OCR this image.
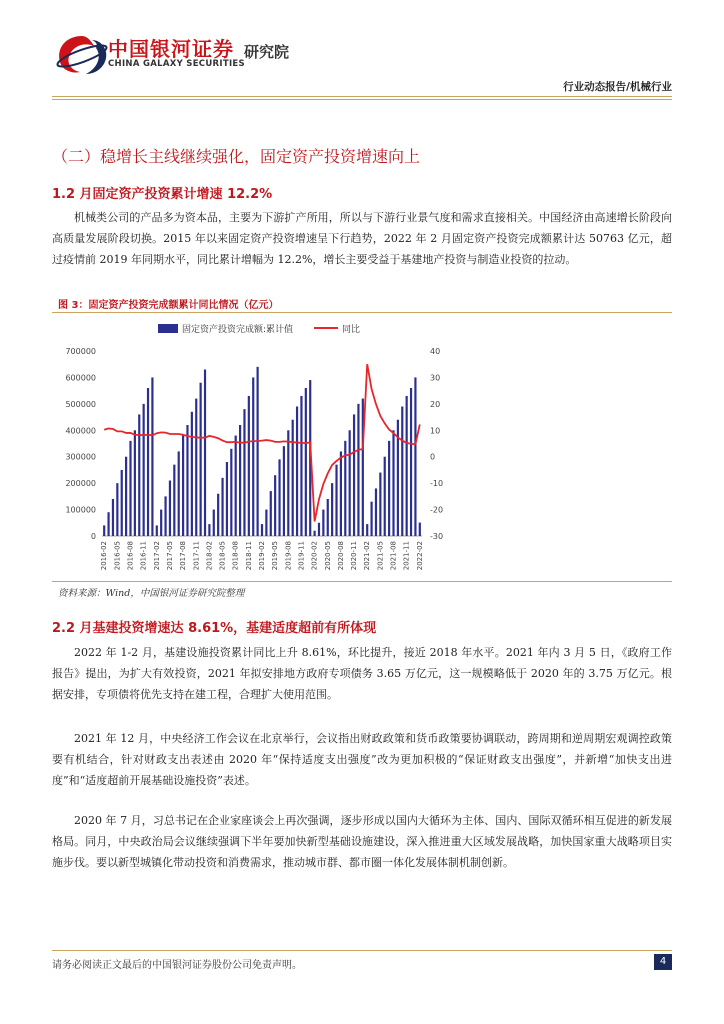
中国银河证券
CHINA GALAXY SECURITIES
研究院
行业动态报告/机械行业
（二）稳增长主线继续强化，固定资产投资增速向上
1.2 月固定资产投资累计增速 12.2%

机械类公司的产品多为资本品，主要为下游扩产所用，所以与下游行业景气度和需求直接相关。中国经济由高速增长阶段向高质量发展阶段切换。2015 年以来固定资产投资增速呈下行趋势，2022 年 2 月固定资产投资完成额累计达 50763 亿元，超过疫情前 2019 年同期水平，同比累计增幅为 12.2%，增长主要受益于基建地产投资与制造业投资的拉动。

图 3：固定资产投资完成额累计同比情况（亿元）
固定资产投资完成额:累计值	同比
0
100000
200000
300000
400000
500000
600000
700000
-30
-20
-10
0
10
20
30
40
2016-02 2016-05 2016-08 2016-11 2017-02 2017-05 2017-08 2017-11 2018-02 2018-05 2018-08 2018-11 2019-02 2019-05 2019-08 2019-11 2020-02 2020-05 2020-08 2020-11 2021-02 2021-05 2021-08 2021-11 2022-02
资料来源：Wind，中国银河证券研究院整理
2.2 月基建投资增速达 8.61%，基建适度超前有所体现

2022 年 1-2 月，基建设施投资累计同比上升 8.61%，环比提升，接近 2018 年水平。2021 年内 3 月 5 日，《政府工作报告》提出，为扩大有效投资，2021 年拟安排地方政府专项债务 3.65 万亿元，这一规模略低于 2020 年的 3.75 万亿元。根据安排，专项债将优先支持在建工程，合理扩大使用范围。

2021 年 12 月，中央经济工作会议在北京举行，会议指出财政政策和货币政策要协调联动，跨周期和逆周期宏观调控政策要有机结合，针对财政支出表述由 2020 年“保持适度支出强度”改为更加积极的“保证财政支出强度”，并新增“加快支出进度”和“适度超前开展基础设施投资”表述。

2020 年 7 月，习总书记在企业家座谈会上再次强调，逐步形成以国内大循环为主体、国内、国际双循环相互促进的新发展格局。同月，中央政治局会议继续强调下半年要加快新型基础设施建设，深入推进重大区域发展战略，加快国家重大战略项目实施步伐。要以新型城镇化带动投资和消费需求，推动城市群、都市圈一体化发展体制机制创新。

请务必阅读正文最后的中国银河证券股份公司免责声明。	4
